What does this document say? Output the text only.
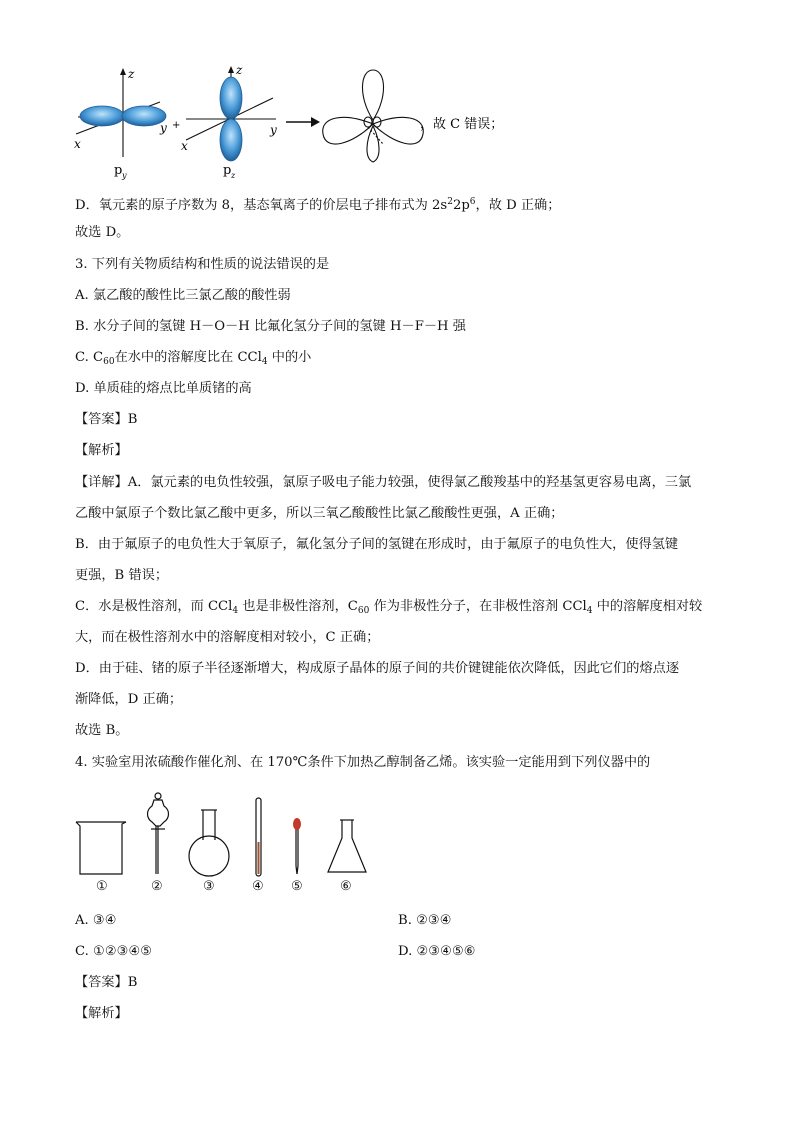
z
y +
x
p y
z
y
x
p z
，故 C 错误；
D．氧元素的原子序数为 8，基态氧离子的价层电子排布式为 $2s^22p^6$，故 D 正确；
故选 D。
3. 下列有关物质结构和性质的说法错误的是
A. 氯乙酸的酸性比三氯乙酸的酸性弱
B. 水分子间的氢键 H－O－H 比氟化氢分子间的氢键 H－F－H 强
C. $C_{60}$在水中的溶解度比在 CCl$_4$ 中的小
D. 单质硅的熔点比单质锗的高
【答案】B
【解析】
【详解】A．氯元素的电负性较强，氯原子吸电子能力较强，使得氯乙酸羧基中的羟基氢更容易电离，三氯
乙酸中氯原子个数比氯乙酸中更多，所以三氧乙酸酸性比氯乙酸酸性更强，A 正确；
B．由于氟原子的电负性大于氧原子，氟化氢分子间的氢键在形成时，由于氟原子的电负性大，使得氢键
更强，B 错误；
C．水是极性溶剂，而 CCl$_4$ 也是非极性溶剂，$C_{60}$ 作为非极性分子，在非极性溶剂 CCl$_4$ 中的溶解度相对较
大，而在极性溶剂水中的溶解度相对较小，C 正确；
D．由于硅、锗的原子半径逐渐增大，构成原子晶体的原子间的共价键键能依次降低，因此它们的熔点逐
渐降低，D 正确；
故选 B。
4. 实验室用浓硫酸作催化剂、在 170℃条件下加热乙醇制备乙烯。该实验一定能用到下列仪器中的
①	②	③	④ ⑤	⑥
A. ③④	B. ②③④
C. ①②③④⑤	D. ②③④⑤⑥
【答案】B
【解析】
